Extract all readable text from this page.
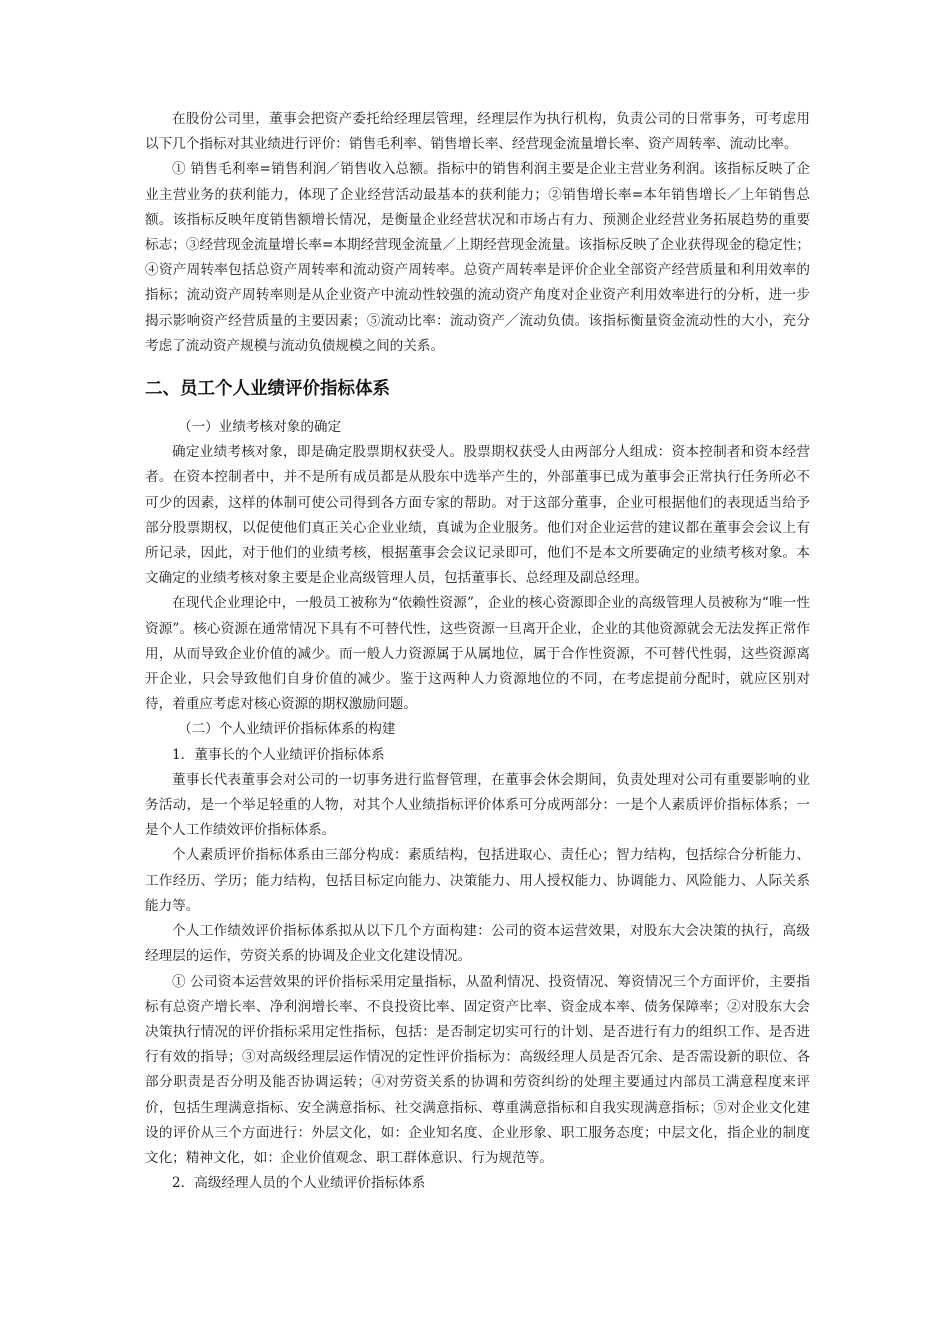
在股份公司里，董事会把资产委托给经理层管理，经理层作为执行机构，负责公司的日常事务，可考虑用以下几个指标对其业绩进行评价：销售毛利率、销售增长率、经营现金流量增长率、资产周转率、流动比率。

① 销售毛利率=销售利润／销售收入总额。指标中的销售利润主要是企业主营业务利润。该指标反映了企业主营业务的获利能力，体现了企业经营活动最基本的获利能力；②销售增长率=本年销售增长／上年销售总额。该指标反映年度销售额增长情况，是衡量企业经营状况和市场占有力、预测企业经营业务拓展趋势的重要标志；③经营现金流量增长率=本期经营现金流量／上期经营现金流量。该指标反映了企业获得现金的稳定性；④资产周转率包括总资产周转率和流动资产周转率。总资产周转率是评价企业全部资产经营质量和利用效率的指标；流动资产周转率则是从企业资产中流动性较强的流动资产角度对企业资产利用效率进行的分析，进一步揭示影响资产经营质量的主要因素；⑤流动比率：流动资产／流动负债。该指标衡量资金流动性的大小，充分考虑了流动资产规模与流动负债规模之间的关系。

二、员工个人业绩评价指标体系

（一）业绩考核对象的确定

确定业绩考核对象，即是确定股票期权获受人。股票期权获受人由两部分人组成：资本控制者和资本经营者。在资本控制者中，并不是所有成员都是从股东中选举产生的，外部董事已成为董事会正常执行任务所必不可少的因素，这样的体制可使公司得到各方面专家的帮助。对于这部分董事，企业可根据他们的表现适当给予部分股票期权，以促使他们真正关心企业业绩，真诚为企业服务。他们对企业运营的建议都在董事会会议上有所记录，因此，对于他们的业绩考核，根据董事会会议记录即可，他们不是本文所要确定的业绩考核对象。本文确定的业绩考核对象主要是企业高级管理人员，包括董事长、总经理及副总经理。

在现代企业理论中，一般员工被称为“依赖性资源”，企业的核心资源即企业的高级管理人员被称为“唯一性资源”。核心资源在通常情况下具有不可替代性，这些资源一旦离开企业，企业的其他资源就会无法发挥正常作用，从而导致企业价值的减少。而一般人力资源属于从属地位，属于合作性资源，不可替代性弱，这些资源离开企业，只会导致他们自身价值的减少。鉴于这两种人力资源地位的不同，在考虑提前分配时，就应区别对待，着重应考虑对核心资源的期权激励问题。

（二）个人业绩评价指标体系的构建

1．董事长的个人业绩评价指标体系

董事长代表董事会对公司的一切事务进行监督管理，在董事会休会期间，负责处理对公司有重要影响的业务活动，是一个举足轻重的人物，对其个人业绩指标评价体系可分成两部分：一是个人素质评价指标体系；一是个人工作绩效评价指标体系。

个人素质评价指标体系由三部分构成：素质结构，包括进取心、责任心；智力结构，包括综合分析能力、工作经历、学历；能力结构，包括目标定向能力、决策能力、用人授权能力、协调能力、风险能力、人际关系能力等。

个人工作绩效评价指标体系拟从以下几个方面构建：公司的资本运营效果，对股东大会决策的执行，高级经理层的运作，劳资关系的协调及企业文化建设情况。

① 公司资本运营效果的评价指标采用定量指标，从盈利情况、投资情况、筹资情况三个方面评价，主要指标有总资产增长率、净利润增长率、不良投资比率、固定资产比率、资金成本率、债务保障率；②对股东大会决策执行情况的评价指标采用定性指标，包括：是否制定切实可行的计划、是否进行有力的组织工作、是否进行有效的指导；③对高级经理层运作情况的定性评价指标为：高级经理人员是否冗余、是否需设新的职位、各部分职责是否分明及能否协调运转；④对劳资关系的协调和劳资纠纷的处理主要通过内部员工满意程度来评价，包括生理满意指标、安全满意指标、社交满意指标、尊重满意指标和自我实现满意指标；⑤对企业文化建设的评价从三个方面进行：外层文化，如：企业知名度、企业形象、职工服务态度；中层文化，指企业的制度文化；精神文化，如：企业价值观念、职工群体意识、行为规范等。

2．高级经理人员的个人业绩评价指标体系
